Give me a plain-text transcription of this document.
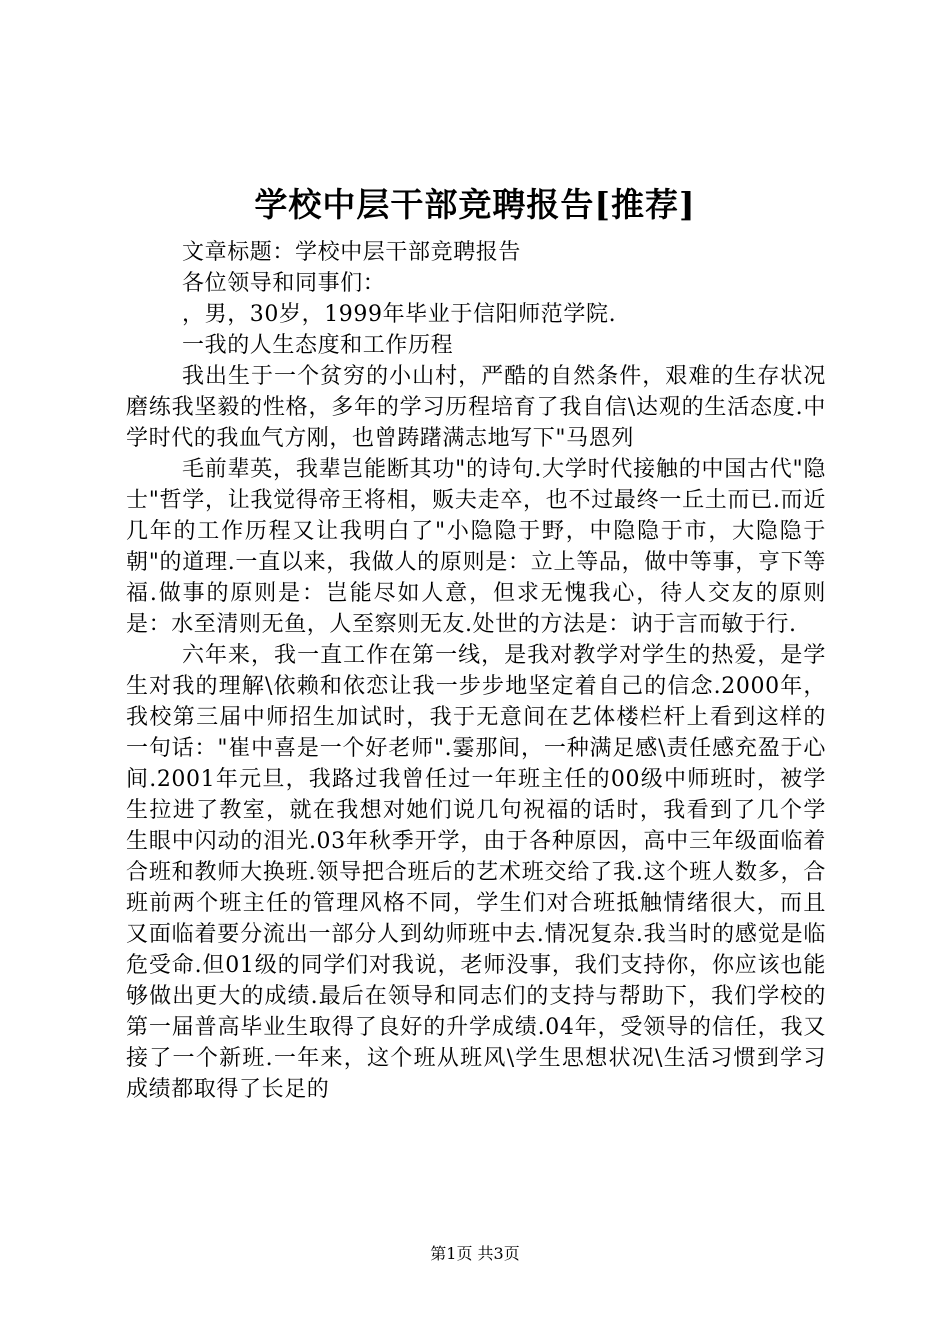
学校中层干部竞聘报告[推荐]

文章标题：学校中层干部竞聘报告

各位领导和同事们：

，男，30岁，1999年毕业于信阳师范学院.

一我的人生态度和工作历程

我出生于一个贫穷的小山村，严酷的自然条件，艰难的生存状况磨练我坚毅的性格，多年的学习历程培育了我自信\达观的生活态度.中学时代的我血气方刚，也曾踌躇满志地写下"马恩列

毛前辈英，我辈岂能断其功"的诗句.大学时代接触的中国古代"隐士"哲学，让我觉得帝王将相，贩夫走卒，也不过最终一丘土而已.而近几年的工作历程又让我明白了"小隐隐于野，中隐隐于市，大隐隐于朝"的道理.一直以来，我做人的原则是：立上等品，做中等事，亨下等福.做事的原则是：岂能尽如人意，但求无愧我心，待人交友的原则是：水至清则无鱼，人至察则无友.处世的方法是：讷于言而敏于行.

六年来，我一直工作在第一线，是我对教学对学生的热爱，是学生对我的理解\依赖和依恋让我一步步地坚定着自己的信念.2000年，我校第三届中师招生加试时，我于无意间在艺体楼栏杆上看到这样的一句话："崔中喜是一个好老师".霎那间，一种满足感\责任感充盈于心间.2001年元旦，我路过我曾任过一年班主任的00级中师班时，被学生拉进了教室，就在我想对她们说几句祝福的话时，我看到了几个学生眼中闪动的泪光.03年秋季开学，由于各种原因，高中三年级面临着合班和教师大换班.领导把合班后的艺术班交给了我.这个班人数多，合班前两个班主任的管理风格不同，学生们对合班抵触情绪很大，而且又面临着要分流出一部分人到幼师班中去.情况复杂.我当时的感觉是临危受命.但01级的同学们对我说，老师没事，我们支持你，你应该也能够做出更大的成绩.最后在领导和同志们的支持与帮助下，我们学校的第一届普高毕业生取得了良好的升学成绩.04年，受领导的信任，我又接了一个新班.一年来，这个班从班风\学生思想状况\生活习惯到学习成绩都取得了长足的

第1页 共3页
